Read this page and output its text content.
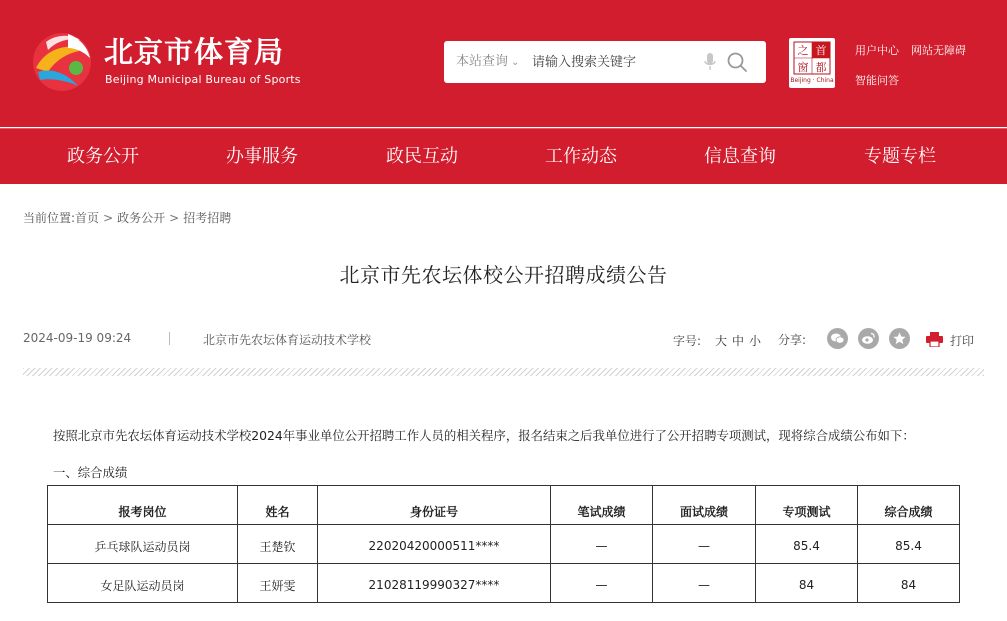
北京市体育局
Beijing Municipal Bureau of Sports
本站查询 ⌄
请输入搜索关键字
之 首
窗 都
Beijing · China
用户中心 网站无障碍
智能问答
政务公开	办事服务	政民互动	工作动态	信息查询	专题专栏
当前位置:首页 > 政务公开 > 招考招聘
北京市先农坛体校公开招聘成绩公告
2024-09-19 09:24	北京市先农坛体育运动技术学校	字号: 大 中 小 分享:	打印
按照北京市先农坛体育运动技术学校2024年事业单位公开招聘工作人员的相关程序，报名结束之后我单位进行了公开招聘专项测试，现将综合成绩公布如下：
一、综合成绩
报考岗位	姓名	身份证号	笔试成绩	面试成绩	专项测试	综合成绩
乒乓球队运动员岗	王楚钦	22020420000511****	—	—	85.4	85.4
女足队运动员岗	王妍雯	21028119990327****	—	—	84	84
